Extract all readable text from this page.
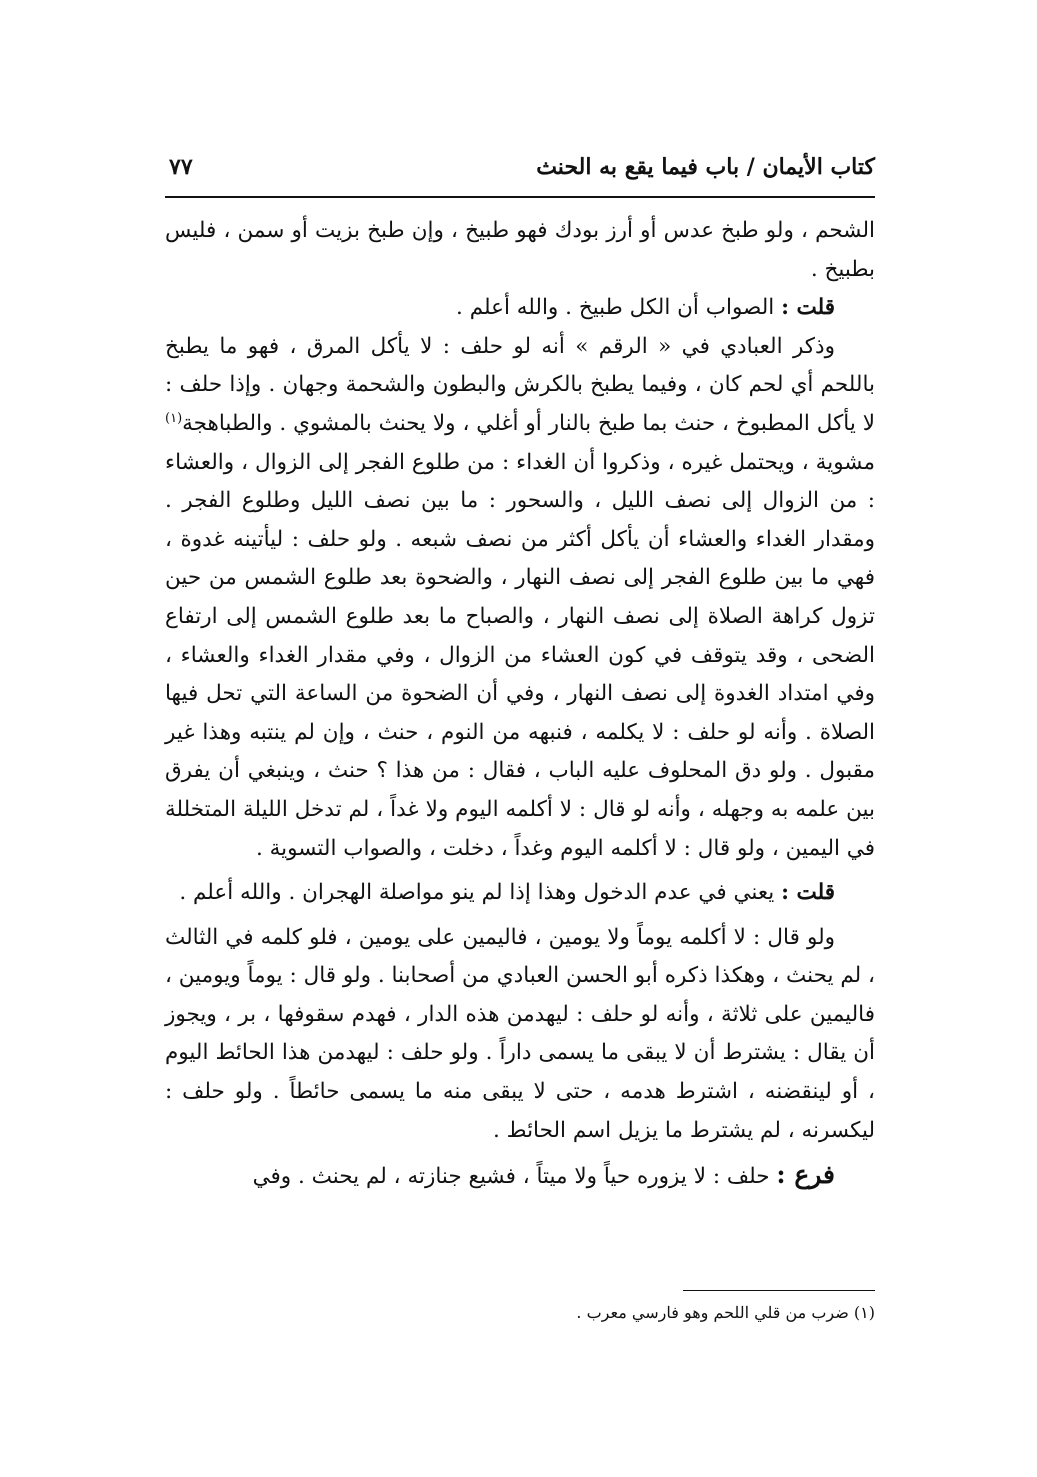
كتاب الأيمان / باب فيما يقع به الحنث
٧٧

الشحم ، ولو طبخ عدس أو أرز بودك فهو طبيخ ، وإن طبخ بزيت أو سمن ، فليس بطبيخ .

قلت : الصواب أن الكل طبيخ . والله أعلم .

وذكر العبادي في « الرقم » أنه لو حلف : لا يأكل المرق ، فهو ما يطبخ باللحم أي لحم كان ، وفيما يطبخ بالكرش والبطون والشحمة وجهان . وإذا حلف : لا يأكل المطبوخ ، حنث بما طبخ بالنار أو أغلي ، ولا يحنث بالمشوي . والطباهجة$^{(١)}$ مشوية ، ويحتمل غيره ، وذكروا أن الغداء : من طلوع الفجر إلى الزوال ، والعشاء : من الزوال إلى نصف الليل ، والسحور : ما بين نصف الليل وطلوع الفجر . ومقدار الغداء والعشاء أن يأكل أكثر من نصف شبعه . ولو حلف : ليأتينه غدوة ، فهي ما بين طلوع الفجر إلى نصف النهار ، والضحوة بعد طلوع الشمس من حين تزول كراهة الصلاة إلى نصف النهار ، والصباح ما بعد طلوع الشمس إلى ارتفاع الضحى ، وقد يتوقف في كون العشاء من الزوال ، وفي مقدار الغداء والعشاء ، وفي امتداد الغدوة إلى نصف النهار ، وفي أن الضحوة من الساعة التي تحل فيها الصلاة . وأنه لو حلف : لا يكلمه ، فنبهه من النوم ، حنث ، وإن لم ينتبه وهذا غير مقبول . ولو دق المحلوف عليه الباب ، فقال : من هذا ؟ حنث ، وينبغي أن يفرق بين علمه به وجهله ، وأنه لو قال : لا أكلمه اليوم ولا غداً ، لم تدخل الليلة المتخللة في اليمين ، ولو قال : لا أكلمه اليوم وغداً ، دخلت ، والصواب التسوية .

قلت : يعني في عدم الدخول وهذا إذا لم ينو مواصلة الهجران . والله أعلم .

ولو قال : لا أكلمه يوماً ولا يومين ، فاليمين على يومين ، فلو كلمه في الثالث ، لم يحنث ، وهكذا ذكره أبو الحسن العبادي من أصحابنا . ولو قال : يوماً ويومين ، فاليمين على ثلاثة ، وأنه لو حلف : ليهدمن هذه الدار ، فهدم سقوفها ، بر ، ويجوز أن يقال : يشترط أن لا يبقى ما يسمى داراً . ولو حلف : ليهدمن هذا الحائط اليوم ، أو لينقضنه ، اشترط هدمه ، حتى لا يبقى منه ما يسمى حائطاً . ولو حلف : ليكسرنه ، لم يشترط ما يزيل اسم الحائط .

فرع : حلف : لا يزوره حياً ولا ميتاً ، فشيع جنازته ، لم يحنث . وفي

(١) ضرب من قلي اللحم وهو فارسي معرب .
